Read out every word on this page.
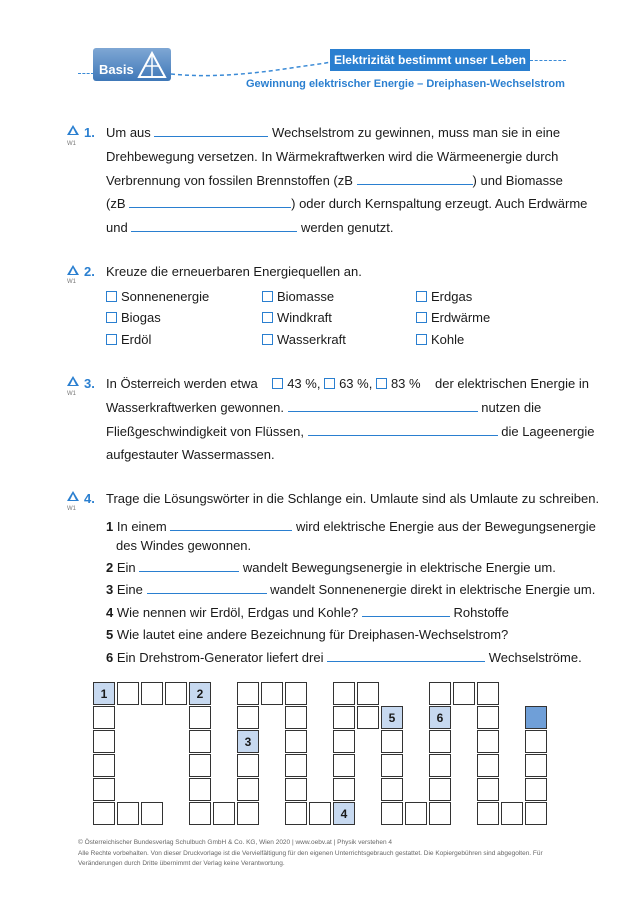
Basis
Elektrizität bestimmt unser Leben
Gewinnung elektrischer Energie – Dreiphasen-Wechselstrom
W1
W1
W1
W1
1. Um aus	Wechselstrom zu gewinnen, muss man sie in eine
Drehbewegung versetzen. In Wärmekraftwerken wird die Wärmeenergie durch
Verbrennung von fossilen Brennstoffen (zB	) und Biomasse
(zB	) oder durch Kernspaltung erzeugt. Auch Erdwärme
und	werden genutzt.
2. Kreuze die erneuerbaren Energiequellen an.
Sonnenenergie	Biomasse	Erdgas
Biogas	Windkraft	Erdwärme
Erdöl	Wasserkraft	Kohle
3. In Österreich werden etwa 43 %, 63 %, 83 % der elektrischen Energie in
Wasserkraftwerken gewonnen.	nutzen die
Fließgeschwindigkeit von Flüssen,	die Lageenergie
aufgestauter Wassermassen.
4. Trage die Lösungswörter in die Schlange ein. Umlaute sind als Umlaute zu schreiben.
1 In einem	wird elektrische Energie aus der Bewegungsenergie
des Windes gewonnen.
2 Ein	wandelt Bewegungsenergie in elektrische Energie um.
3 Eine	wandelt Sonnenenergie direkt in elektrische Energie um.
4 Wie nennen wir Erdöl, Erdgas und Kohle?	Rohstoffe
5 Wie lautet eine andere Bezeichnung für Dreiphasen-Wechselstrom?
6 Ein Drehstrom-Generator liefert drei	Wechselströme.
1	2
5	6
3
4
© Österreichischer Bundesverlag Schulbuch GmbH & Co. KG, Wien 2020 | www.oebv.at | Physik verstehen 4
Alle Rechte vorbehalten. Von dieser Druckvorlage ist die Vervielfältigung für den eigenen Unterrichtsgebrauch gestattet. Die Kopiergebühren sind abgegolten. Für
Veränderungen durch Dritte übernimmt der Verlag keine Verantwortung.
